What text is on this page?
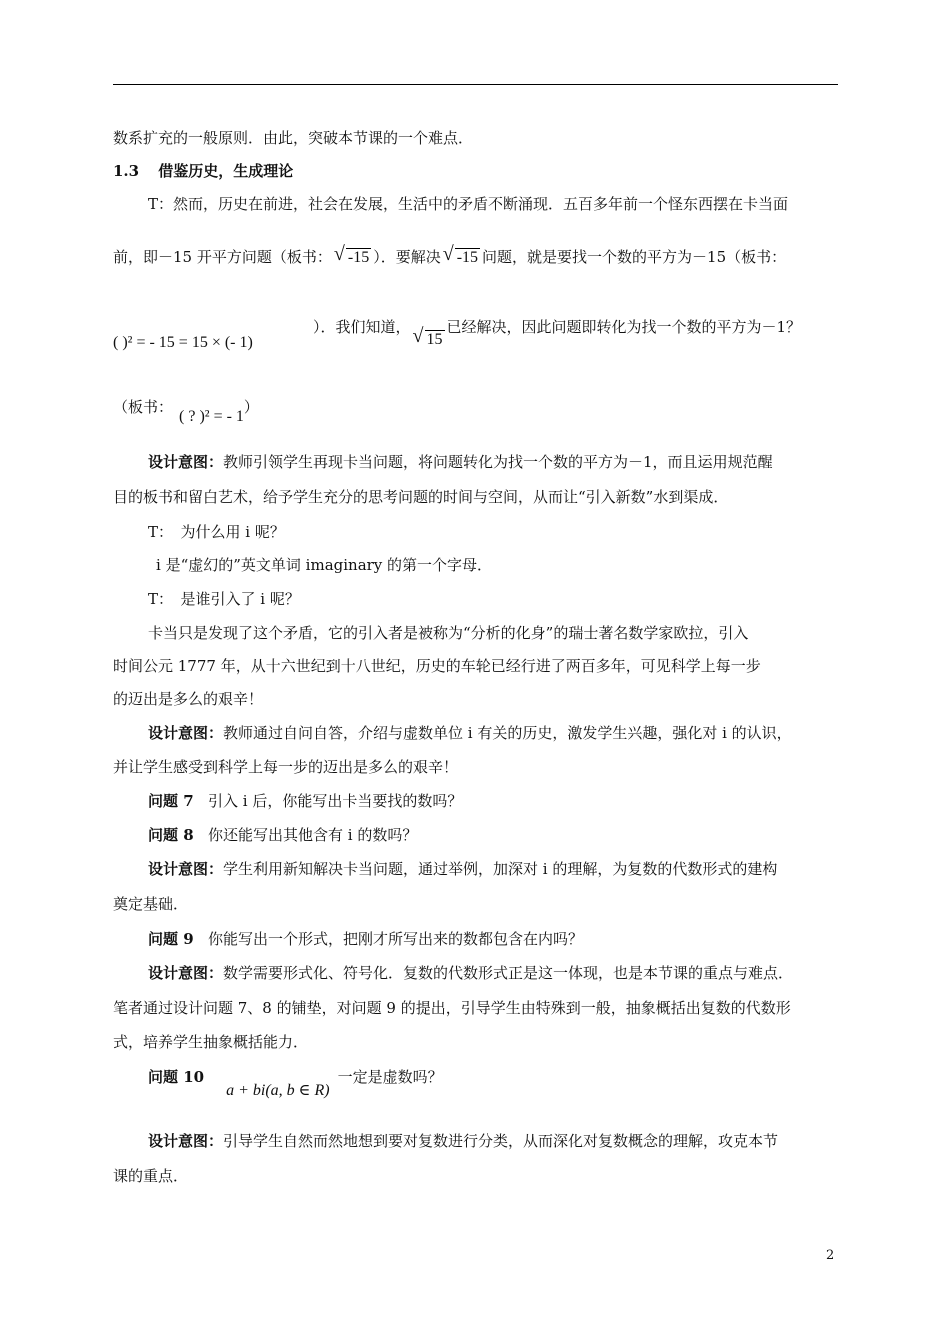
数系扩充的一般原则．由此，突破本节课的一个难点．
1.3 借鉴历史，生成理论
T：然而，历史在前进，社会在发展，生活中的矛盾不断涌现．五百多年前一个怪东西摆在卡当面
前，即－15 开平方问题（板书： √ -15 ）．要解决 √ -15 问题，就是要找一个数的平方为－15（板书：
( )² = - 15 = 15 × (- 1)）．我们知道， √ 15已经解决，因此问题即转化为找一个数的平方为－1？
（板书：( ? )² = - 1）
设计意图：教师引领学生再现卡当问题，将问题转化为找一个数的平方为－1，而且运用规范醒
目的板书和留白艺术，给予学生充分的思考问题的时间与空间，从而让“引入新数”水到渠成．
T：　为什么用 i 呢？
i 是“虚幻的”英文单词 imaginary 的第一个字母．
T：　是谁引入了 i 呢？
卡当只是发现了这个矛盾，它的引入者是被称为“分析的化身”的瑞士著名数学家欧拉，引入
时间公元 1777 年，从十六世纪到十八世纪，历史的车轮已经行进了两百多年，可见科学上每一步
的迈出是多么的艰辛！
设计意图：教师通过自问自答，介绍与虚数单位 i 有关的历史，激发学生兴趣，强化对 i 的认识，
并让学生感受到科学上每一步的迈出是多么的艰辛！
问题 7 引入 i 后，你能写出卡当要找的数吗？
问题 8 你还能写出其他含有 i 的数吗？
设计意图：学生利用新知解决卡当问题，通过举例，加深对 i 的理解，为复数的代数形式的建构
奠定基础．
问题 9 你能写出一个形式，把刚才所写出来的数都包含在内吗？
设计意图：数学需要形式化、符号化．复数的代数形式正是这一体现，也是本节课的重点与难点．
笔者通过设计问题 7、8 的铺垫，对问题 9 的提出，引导学生由特殊到一般，抽象概括出复数的代数形
式，培养学生抽象概括能力．
问题 10a + bi(a, b ∈ R)一定是虚数吗？
设计意图：引导学生自然而然地想到要对复数进行分类，从而深化对复数概念的理解，攻克本节
课的重点．
2
